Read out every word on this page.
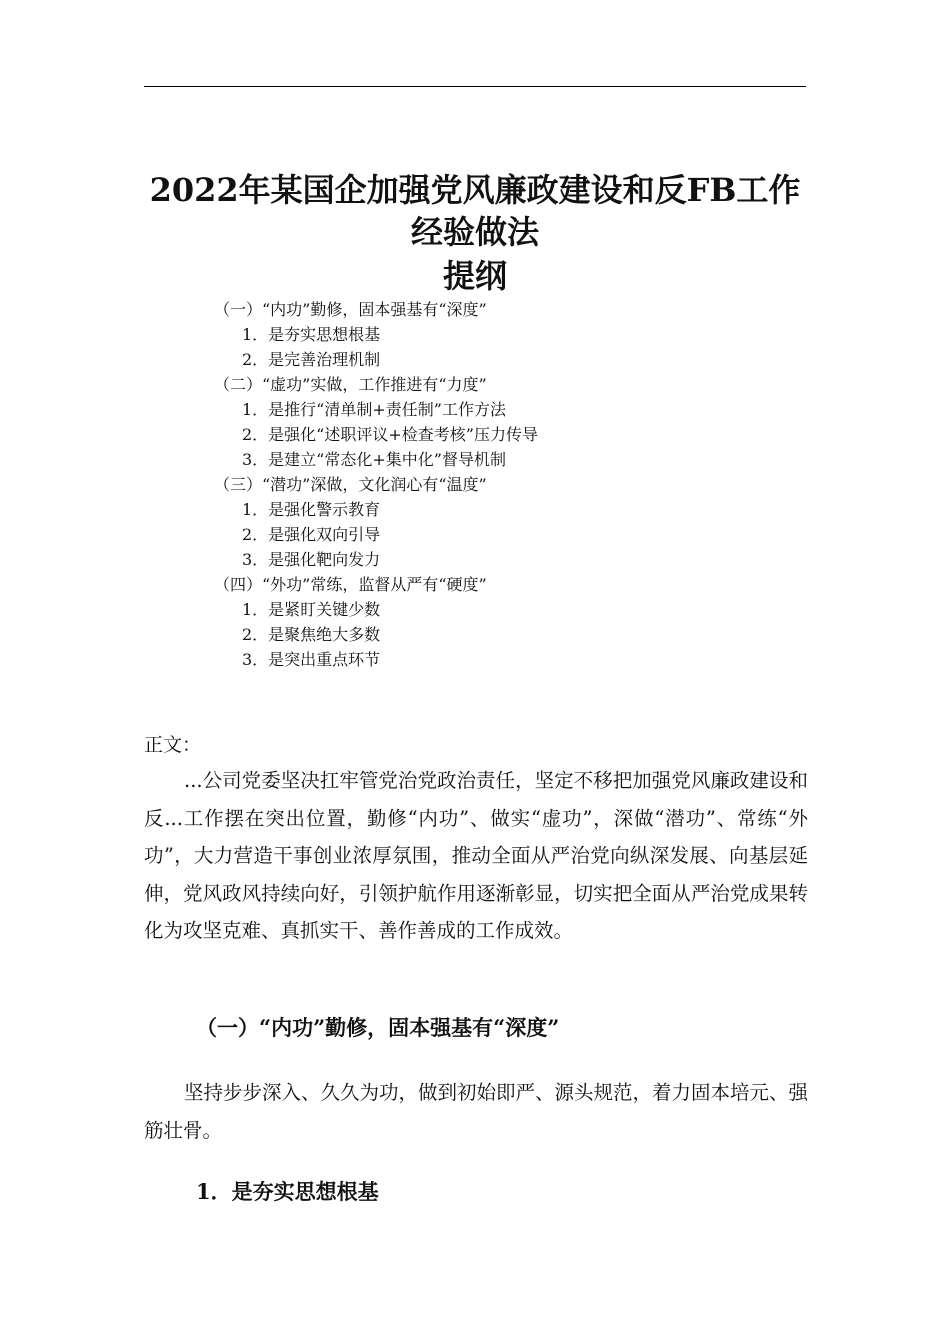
2022年某国企加强党风廉政建设和反FB工作
经验做法
提纲
（一）“内功”勤修，固本强基有“深度”
1．是夯实思想根基
2．是完善治理机制
（二）“虚功”实做，工作推进有“力度”
1．是推行“清单制+责任制”工作方法
2．是强化“述职评议+检查考核”压力传导
3．是建立“常态化+集中化”督导机制
（三）“潜功”深做，文化润心有“温度”
1．是强化警示教育
2．是强化双向引导
3．是强化靶向发力
（四）“外功”常练，监督从严有“硬度”
1．是紧盯关键少数
2．是聚焦绝大多数
3．是突出重点环节
正文：
...公司党委坚决扛牢管党治党政治责任，坚定不移把加强党风廉政建设和反...工作摆在突出位置，勤修“内功”、做实“虚功”，深做“潜功”、常练“外功”，大力营造干事创业浓厚氛围，推动全面从严治党向纵深发展、向基层延伸，党风政风持续向好，引领护航作用逐渐彰显，切实把全面从严治党成果转化为攻坚克难、真抓实干、善作善成的工作成效。
（一）“内功”勤修，固本强基有“深度”
坚持步步深入、久久为功，做到初始即严、源头规范，着力固本培元、强筋壮骨。
1．是夯实思想根基
